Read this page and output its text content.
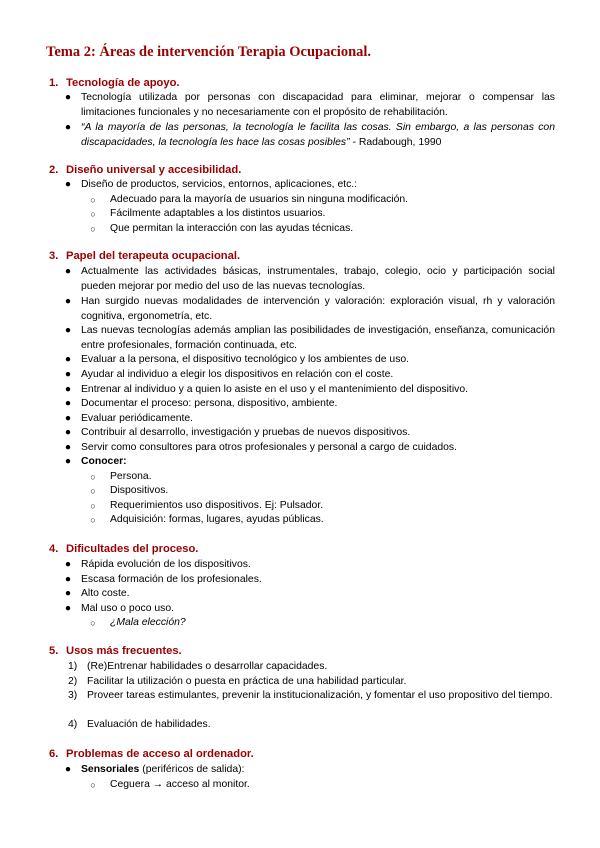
Tema 2: Áreas de intervención Terapia Ocupacional.
1. Tecnología de apoyo.
● Tecnología utilizada por personas con discapacidad para eliminar, mejorar o compensar las limitaciones funcionales y no necesariamente con el propósito de rehabilitación.
● “A la mayoría de las personas, la tecnología le facilita las cosas. Sin embargo, a las personas con discapacidades, la tecnología les hace las cosas posibles” - Radabough, 1990
2. Diseño universal y accesibilidad.
● Diseño de productos, servicios, entornos, aplicaciones, etc.:
○ Adecuado para la mayoría de usuarios sin ninguna modificación.
○ Fácilmente adaptables a los distintos usuarios.
○ Que permitan la interacción con las ayudas técnicas.
3. Papel del terapeuta ocupacional.
● Actualmente las actividades básicas, instrumentales, trabajo, colegio, ocio y participación social pueden mejorar por medio del uso de las nuevas tecnologías.
● Han surgido nuevas modalidades de intervención y valoración: exploración visual, rh y valoración cognitiva, ergonometría, etc.
● Las nuevas tecnologías además amplian las posibilidades de investigación, enseñanza, comunicación entre profesionales, formación continuada, etc.
● Evaluar a la persona, el dispositivo tecnológico y los ambientes de uso.
● Ayudar al individuo a elegir los dispositivos en relación con el coste.
● Entrenar al individuo y a quien lo asiste en el uso y el mantenimiento del dispositivo.
● Documentar el proceso: persona, dispositivo, ambiente.
● Evaluar periódicamente.
● Contribuir al desarrollo, investigación y pruebas de nuevos dispositivos.
● Servir como consultores para otros profesionales y personal a cargo de cuidados.
● Conocer:
○ Persona.
○ Dispositivos.
○ Requerimientos uso dispositivos. Ej: Pulsador.
○ Adquisición: formas, lugares, ayudas públicas.
4. Dificultades del proceso.
● Rápida evolución de los dispositivos.
● Escasa formación de los profesionales.
● Alto coste.
● Mal uso o poco uso.
○ ¿Mala elección?
5. Usos más frecuentes.
1) (Re)Entrenar habilidades o desarrollar capacidades.
2) Facilitar la utilización o puesta en práctica de una habilidad particular.
3) Proveer tareas estimulantes, prevenir la institucionalización, y fomentar el uso propositivo del tiempo.
4) Evaluación de habilidades.
6. Problemas de acceso al ordenador.
● Sensoriales (periféricos de salida):
○ Ceguera → acceso al monitor.
